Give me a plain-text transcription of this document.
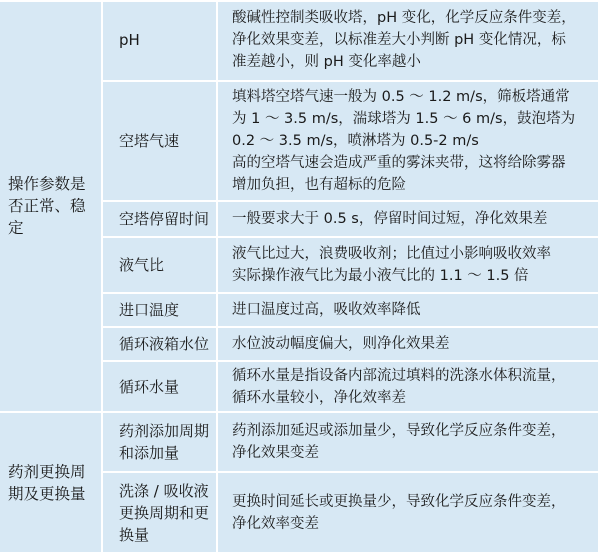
操作参数是
否正常、稳
定
pH
酸碱性控制类吸收塔，pH 变化，化学反应条件变差，
净化效果变差，以标准差大小判断 pH 变化情况，标
准差越小，则 pH 变化率越小
空塔气速
填料塔空塔气速一般为 0.5 ～ 1.2 m/s，筛板塔通常
为 1 ～ 3.5 m/s，湍球塔为 1.5 ～ 6 m/s，鼓泡塔为
0.2 ～ 3.5 m/s，喷淋塔为 0.5-2 m/s
高的空塔气速会造成严重的雾沫夹带，这将给除雾器
增加负担，也有超标的危险
空塔停留时间 一般要求大于 0.5 s，停留时间过短，净化效果差
液气比
液气比过大，浪费吸收剂；比值过小影响吸收效率
实际操作液气比为最小液气比的 1.1 ～ 1.5 倍
进口温度	进口温度过高，吸收效率降低
循环液箱水位 水位波动幅度偏大，则净化效果差
循环水量
循环水量是指设备内部流过填料的洗涤水体积流量，
循环水量较小，净化效率差
药剂更换周
期及更换量
药剂添加周期
和添加量
药剂添加延迟或添加量少，导致化学反应条件变差，
净化效果变差
洗涤 / 吸收液
更换周期和更
换量
更换时间延长或更换量少，导致化学反应条件变差，
净化效率变差
